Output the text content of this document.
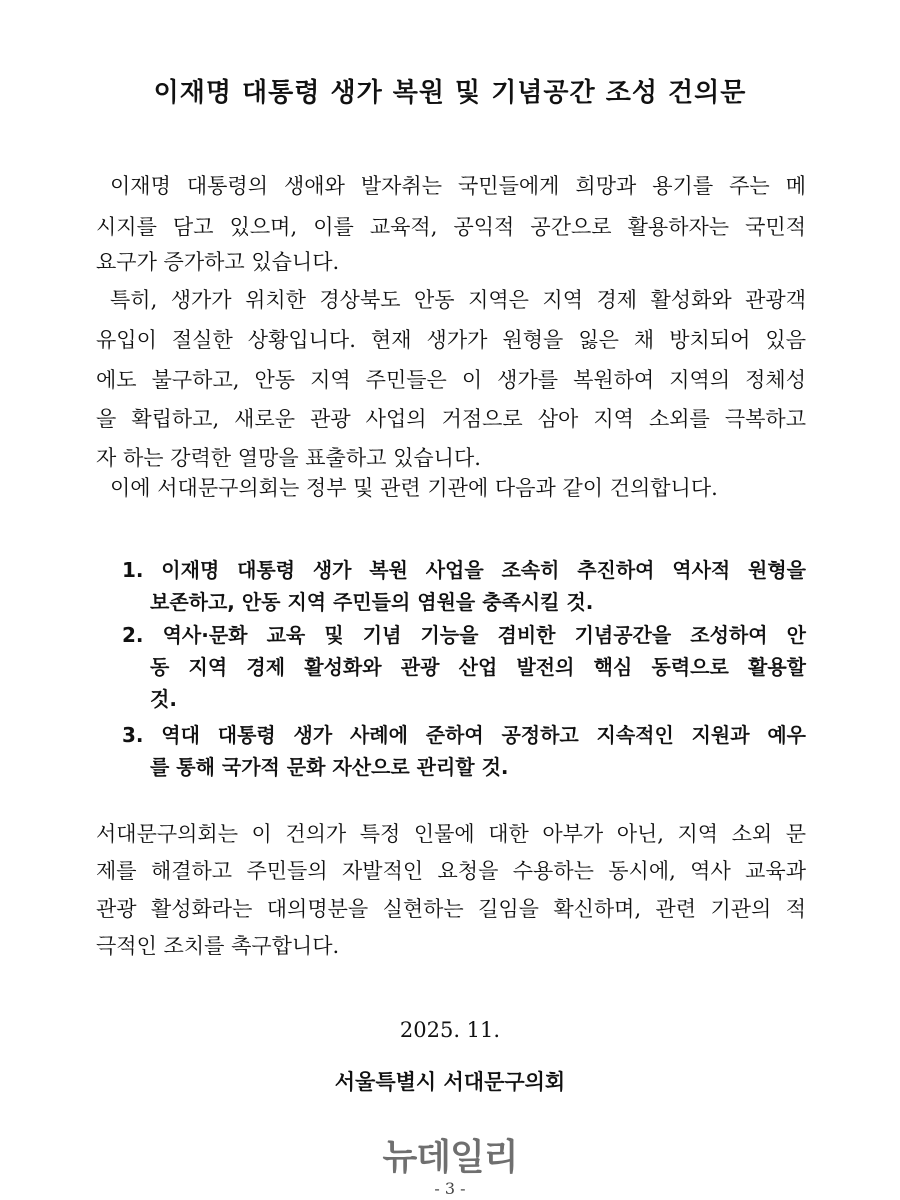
이재명 대통령 생가 복원 및 기념공간 조성 건의문
이재명 대통령의 생애와 발자취는 국민들에게 희망과 용기를 주는 메
시지를 담고 있으며, 이를 교육적, 공익적 공간으로 활용하자는 국민적
요구가 증가하고 있습니다.
특히, 생가가 위치한 경상북도 안동 지역은 지역 경제 활성화와 관광객
유입이 절실한 상황입니다. 현재 생가가 원형을 잃은 채 방치되어 있음
에도 불구하고, 안동 지역 주민들은 이 생가를 복원하여 지역의 정체성
을 확립하고, 새로운 관광 사업의 거점으로 삼아 지역 소외를 극복하고
자 하는 강력한 열망을 표출하고 있습니다.
이에 서대문구의회는 정부 및 관련 기관에 다음과 같이 건의합니다.
1. 이재명 대통령 생가 복원 사업을 조속히 추진하여 역사적 원형을
보존하고, 안동 지역 주민들의 염원을 충족시킬 것.
2. 역사·문화 교육 및 기념 기능을 겸비한 기념공간을 조성하여 안
동 지역 경제 활성화와 관광 산업 발전의 핵심 동력으로 활용할
것.
3. 역대 대통령 생가 사례에 준하여 공정하고 지속적인 지원과 예우
를 통해 국가적 문화 자산으로 관리할 것.
서대문구의회는 이 건의가 특정 인물에 대한 아부가 아닌, 지역 소외 문
제를 해결하고 주민들의 자발적인 요청을 수용하는 동시에, 역사 교육과
관광 활성화라는 대의명분을 실현하는 길임을 확신하며, 관련 기관의 적
극적인 조치를 촉구합니다.
2025. 11.
서울특별시 서대문구의회
뉴데일리
- 3 -
